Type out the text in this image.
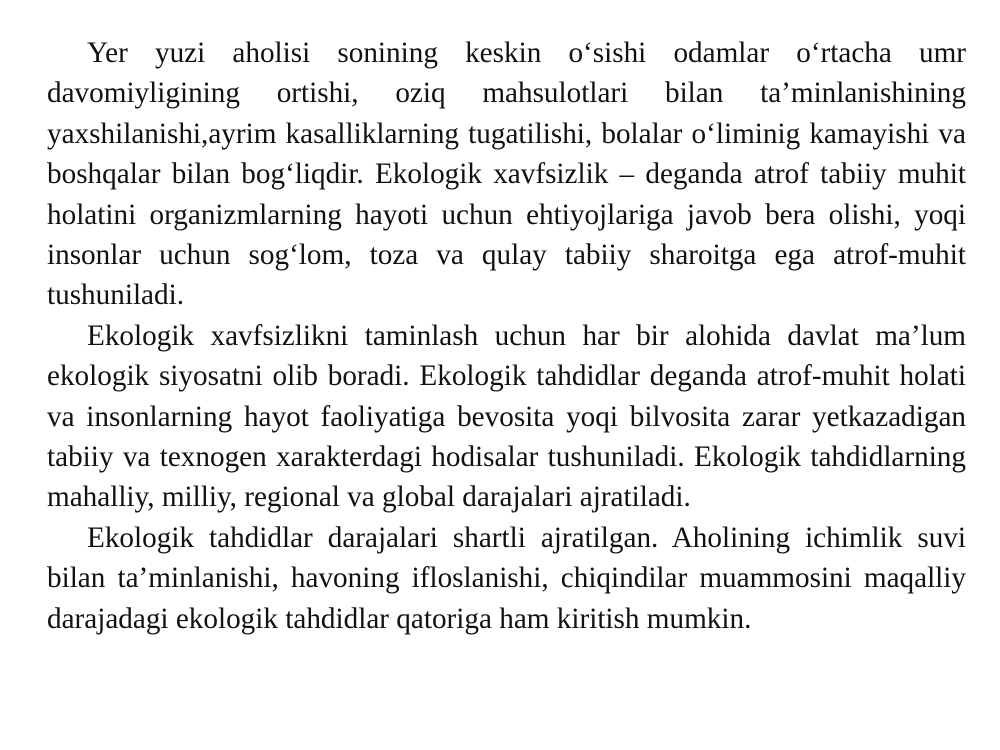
Yer yuzi aholisi sonining keskin o‘sishi odamlar o‘rtacha umr davomiyligining ortishi, oziq mahsulotlari bilan ta’minlanishining yaxshilanishi,ayrim kasalliklarning tugatilishi, bolalar o‘liminig kamayishi va boshqalar bilan bog‘liqdir. Ekologik xavfsizlik – deganda atrof tabiiy muhit holatini organizmlarning hayoti uchun ehtiyojlariga javob bera olishi, yoqi insonlar uchun sog‘lom, toza va qulay tabiiy sharoitga ega atrof-muhit tushuniladi.

Ekologik xavfsizlikni taminlash uchun har bir alohida davlat ma’lum ekologik siyosatni olib boradi. Ekologik tahdidlar deganda atrof-muhit holati va insonlarning hayot faoliyatiga bevosita yoqi bilvosita zarar yetkazadigan tabiiy va texnogen xarakterdagi hodisalar tushuniladi. Ekologik tahdidlarning mahalliy, milliy, regional va global darajalari ajratiladi.

Ekologik tahdidlar darajalari shartli ajratilgan. Aholining ichimlik suvi bilan ta’minlanishi, havoning ifloslanishi, chiqindilar muammosini maqalliy darajadagi ekologik tahdidlar qatoriga ham kiritish mumkin.
